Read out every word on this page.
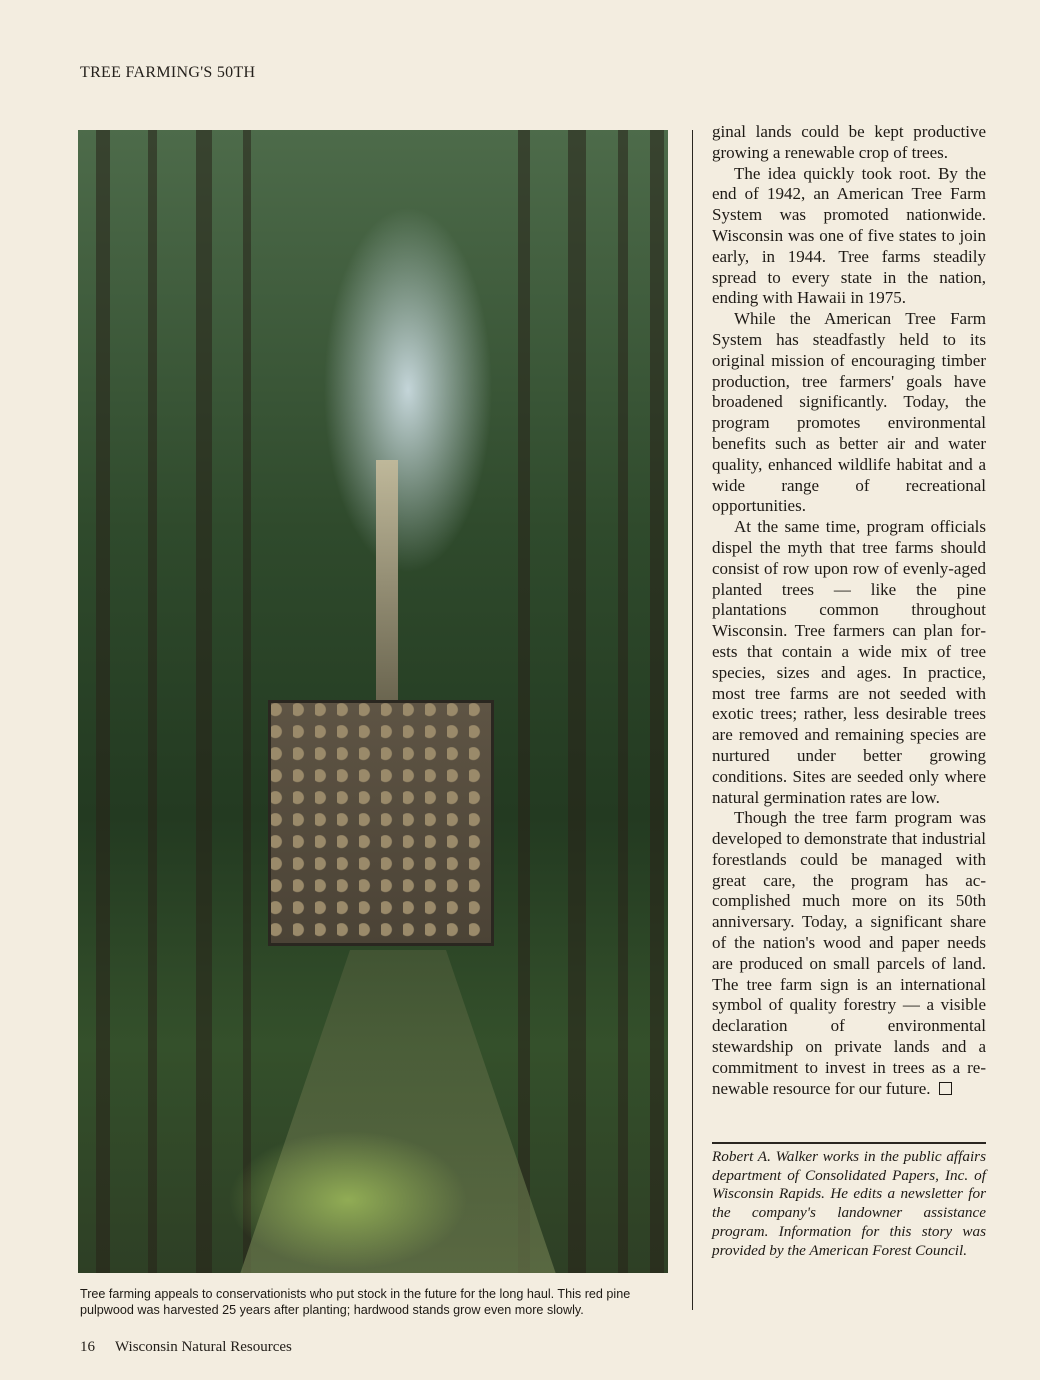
TREE FARMING'S 50TH
Tree farming appeals to conservationists who put stock in the future for the long haul. This red pine pulpwood was harvested 25 years after planting; hardwood stands grow even more slowly.

ginal lands could be kept productive growing a renewable crop of trees.

The idea quickly took root. By the end of 1942, an American Tree Farm System was promoted nationwide. Wisconsin was one of five states to join early, in 1944. Tree farms steadily spread to every state in the nation, ending with Hawaii in 1975.

While the American Tree Farm System has steadfastly held to its original mission of encouraging timber production, tree farmers' goals have broadened significantly. Today, the program promotes environmental benefits such as better air and water quality, enhanced wildlife habitat and a wide range of recreational opportunities.

At the same time, program officials dispel the myth that tree farms should consist of row upon row of evenly-aged planted trees — like the pine plantations common throughout Wisconsin. Tree farmers can plan forests that contain a wide mix of tree species, sizes and ages. In practice, most tree farms are not seeded with exotic trees; rather, less desirable trees are removed and remaining species are nurtured under better growing conditions. Sites are seeded only where natural germination rates are low.

Though the tree farm program was developed to demonstrate that industrial forestlands could be managed with great care, the program has accomplished much more on its 50th anniversary. Today, a significant share of the nation's wood and paper needs are produced on small parcels of land. The tree farm sign is an international symbol of quality forestry — a visible declaration of environmental stewardship on private lands and a commitment to invest in trees as a renewable resource for our future.

Robert A. Walker works in the public affairs department of Consolidated Papers, Inc. of Wisconsin Rapids. He edits a newsletter for the company's landowner assistance program. Information for this story was provided by the American Forest Council.
16 Wisconsin Natural Resources
